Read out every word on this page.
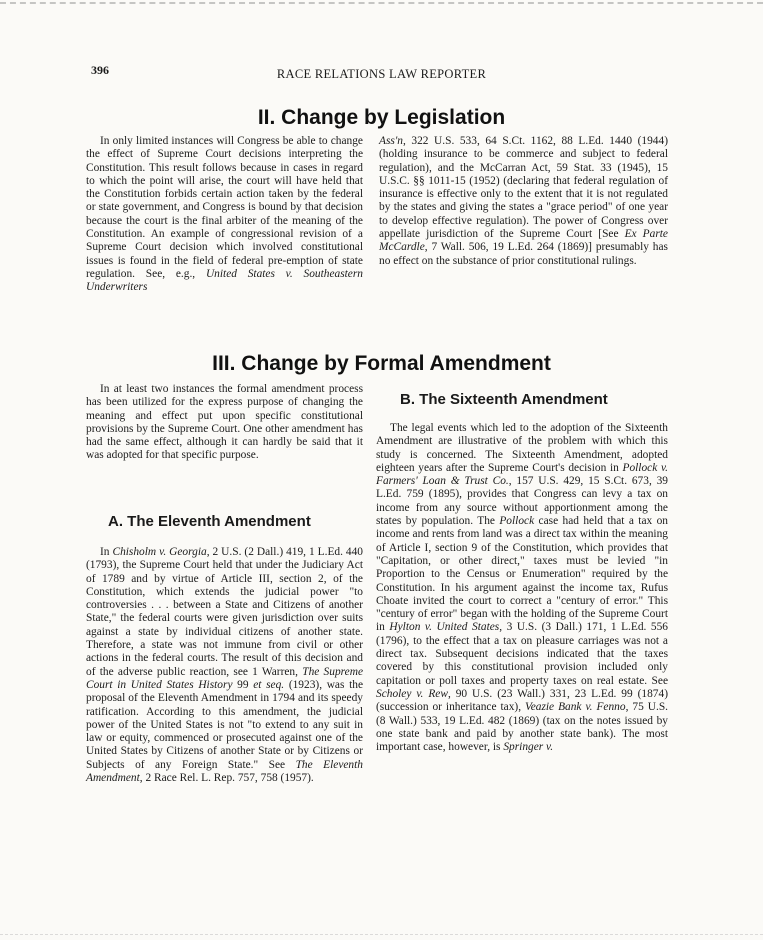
396	RACE RELATIONS LAW REPORTER
II. Change by Legislation

In only limited instances will Congress be able to change the effect of Supreme Court decisions interpreting the Constitution. This result follows because in cases in regard to which the point will arise, the court will have held that the Constitution forbids certain action taken by the federal or state government, and Congress is bound by that decision because the court is the final arbiter of the meaning of the Constitution. An example of congressional revision of a Supreme Court decision which involved constitutional issues is found in the field of federal pre-emption of state regulation. See, e.g., United States v. Southeastern Underwriters

Ass'n, 322 U.S. 533, 64 S.Ct. 1162, 88 L.Ed. 1440 (1944) (holding insurance to be commerce and subject to federal regulation), and the McCarran Act, 59 Stat. 33 (1945), 15 U.S.C. §§ 1011-15 (1952) (declaring that federal regulation of insurance is effective only to the extent that it is not regulated by the states and giving the states a "grace period" of one year to develop effective regulation). The power of Congress over appellate jurisdiction of the Supreme Court [See Ex Parte McCardle, 7 Wall. 506, 19 L.Ed. 264 (1869)] presumably has no effect on the substance of prior constitutional rulings.

III. Change by Formal Amendment

In at least two instances the formal amendment process has been utilized for the express purpose of changing the meaning and effect put upon specific constitutional provisions by the Supreme Court. One other amendment has had the same effect, although it can hardly be said that it was adopted for that specific purpose.

A. The Eleventh Amendment

In Chisholm v. Georgia, 2 U.S. (2 Dall.) 419, 1 L.Ed. 440 (1793), the Supreme Court held that under the Judiciary Act of 1789 and by virtue of Article III, section 2, of the Constitution, which extends the judicial power "to controversies . . . between a State and Citizens of another State," the federal courts were given jurisdiction over suits against a state by individual citizens of another state. Therefore, a state was not immune from civil or other actions in the federal courts. The result of this decision and of the adverse public reaction, see 1 Warren, The Supreme Court in United States History 99 et seq. (1923), was the proposal of the Eleventh Amendment in 1794 and its speedy ratification. According to this amendment, the judicial power of the United States is not "to extend to any suit in law or equity, commenced or prosecuted against one of the United States by Citizens of another State or by Citizens or Subjects of any Foreign State." See The Eleventh Amendment, 2 Race Rel. L. Rep. 757, 758 (1957).

B. The Sixteenth Amendment

The legal events which led to the adoption of the Sixteenth Amendment are illustrative of the problem with which this study is concerned. The Sixteenth Amendment, adopted eighteen years after the Supreme Court's decision in Pollock v. Farmers' Loan & Trust Co., 157 U.S. 429, 15 S.Ct. 673, 39 L.Ed. 759 (1895), provides that Congress can levy a tax on income from any source without apportionment among the states by population. The Pollock case had held that a tax on income and rents from land was a direct tax within the meaning of Article I, section 9 of the Constitution, which provides that "Capitation, or other direct," taxes must be levied "in Proportion to the Census or Enumeration" required by the Constitution. In his argument against the income tax, Rufus Choate invited the court to correct a "century of error." This "century of error" began with the holding of the Supreme Court in Hylton v. United States, 3 U.S. (3 Dall.) 171, 1 L.Ed. 556 (1796), to the effect that a tax on pleasure carriages was not a direct tax. Subsequent decisions indicated that the taxes covered by this constitutional provision included only capitation or poll taxes and property taxes on real estate. See Scholey v. Rew, 90 U.S. (23 Wall.) 331, 23 L.Ed. 99 (1874) (succession or inheritance tax), Veazie Bank v. Fenno, 75 U.S. (8 Wall.) 533, 19 L.Ed. 482 (1869) (tax on the notes issued by one state bank and paid by another state bank). The most important case, however, is Springer v.
